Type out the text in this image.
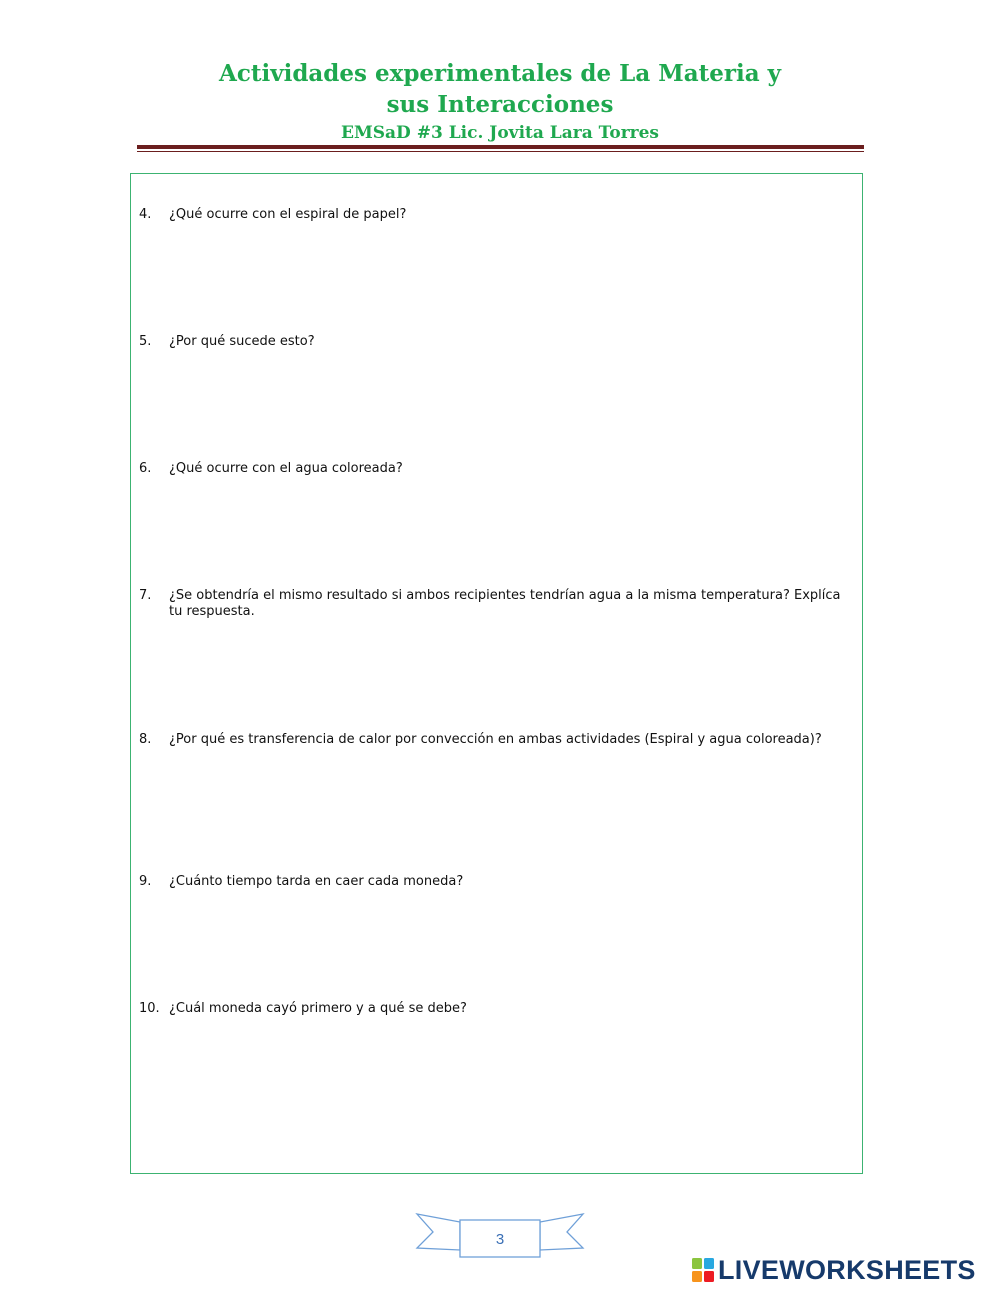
Actividades experimentales de La Materia y sus Interacciones
EMSaD #3 Lic. Jovita Lara Torres
4.	¿Qué ocurre con el espiral de papel?
5.	¿Por qué sucede esto?
6.	¿Qué ocurre con el agua coloreada?
7.	¿Se obtendría el mismo resultado si ambos recipientes tendrían agua a la misma temperatura? Explíca tu respuesta.
8.	¿Por qué es transferencia de calor por convección en ambas actividades (Espiral y agua coloreada)?
9.	¿Cuánto tiempo tarda en caer cada moneda?
10. ¿Cuál moneda cayó primero y a qué se debe?
3
LIVEWORKSHEETS
